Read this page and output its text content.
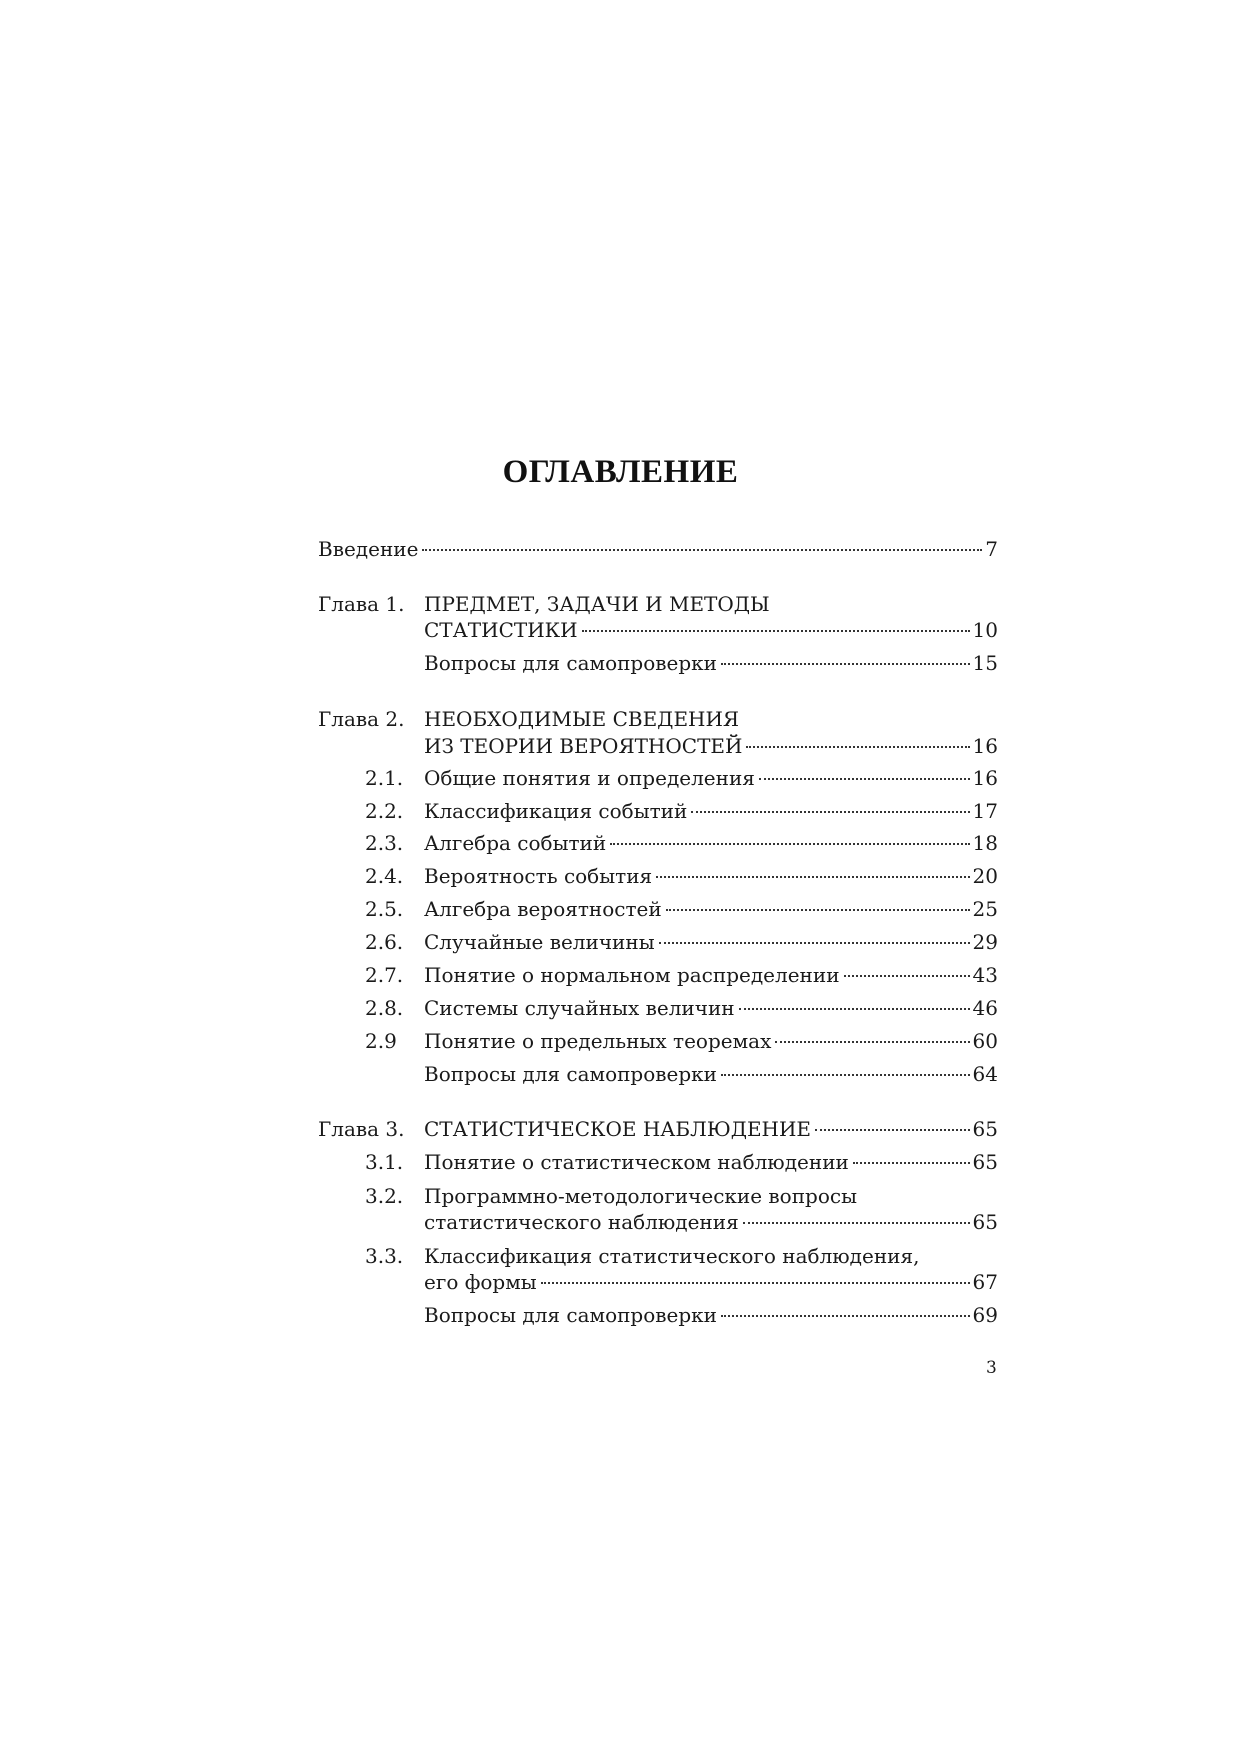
ОГЛАВЛЕНИЕ
Введение	7
Глава 1. ПРЕДМЕТ, ЗАДАЧИ И МЕТОДЫ
СТАТИСТИКИ	10
Вопросы для самопроверки	15
Глава 2. НЕОБХОДИМЫЕ СВЕДЕНИЯ
ИЗ ТЕОРИИ ВЕРОЯТНОСТЕЙ	16
2.1. Общие понятия и определения	16
2.2. Классификация событий	17
2.3. Алгебра событий	18
2.4. Вероятность события	20
2.5. Алгебра вероятностей	25
2.6. Случайные величины	29
2.7. Понятие о нормальном распределении	43
2.8. Системы случайных величин	46
2.9 Понятие о предельных теоремах	60
Вопросы для самопроверки	64
Глава 3. СТАТИСТИЧЕСКОЕ НАБЛЮДЕНИЕ	65
3.1. Понятие о статистическом наблюдении	65
3.2. Программно-методологические вопросы
статистического наблюдения	65
3.3. Классификация статистического наблюдения,
его формы	67
Вопросы для самопроверки	69
3
